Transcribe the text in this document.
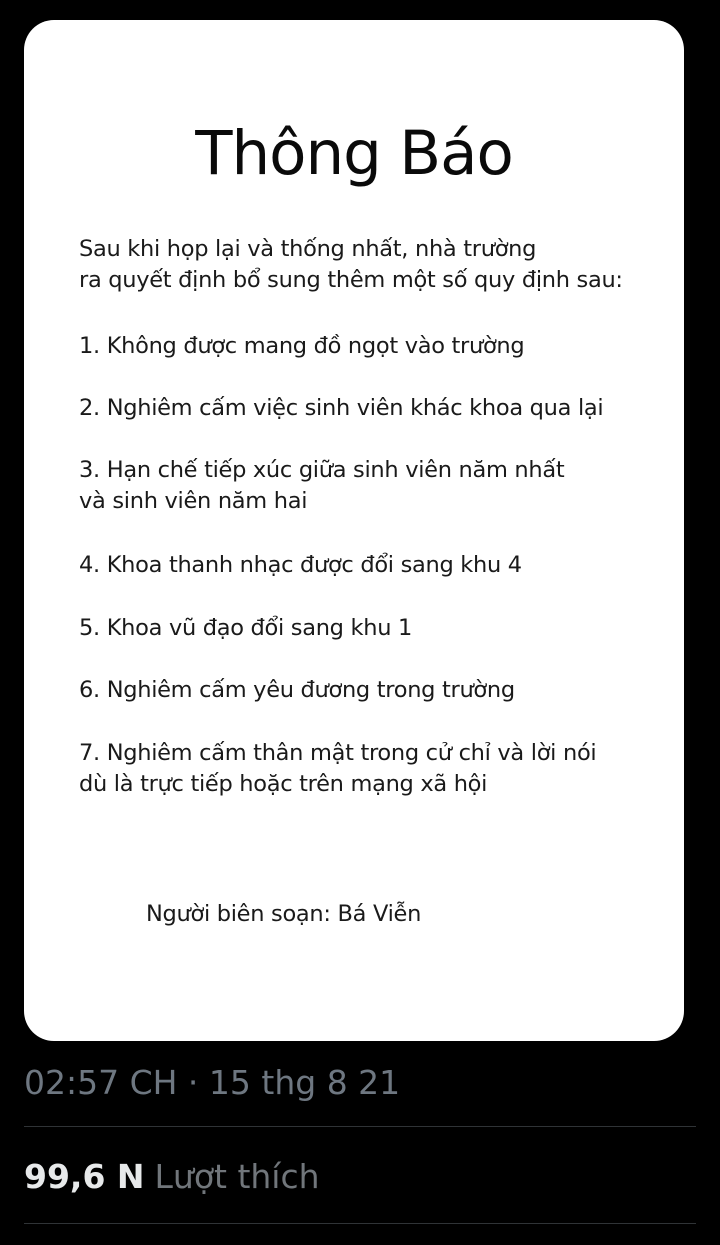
Thông Báo

Sau khi họp lại và thống nhất, nhà trường
ra quyết định bổ sung thêm một số quy định sau:

1. Không được mang đồ ngọt vào trường

2. Nghiêm cấm việc sinh viên khác khoa qua lại

3. Hạn chế tiếp xúc giữa sinh viên năm nhất
và sinh viên năm hai

4. Khoa thanh nhạc được đổi sang khu 4

5. Khoa vũ đạo đổi sang khu 1

6. Nghiêm cấm yêu đương trong trường

7. Nghiêm cấm thân mật trong cử chỉ và lời nói
dù là trực tiếp hoặc trên mạng xã hội

Người biên soạn: Bá Viễn
02:57 CH · 15 thg 8 21
99,6 N Lượt thích
